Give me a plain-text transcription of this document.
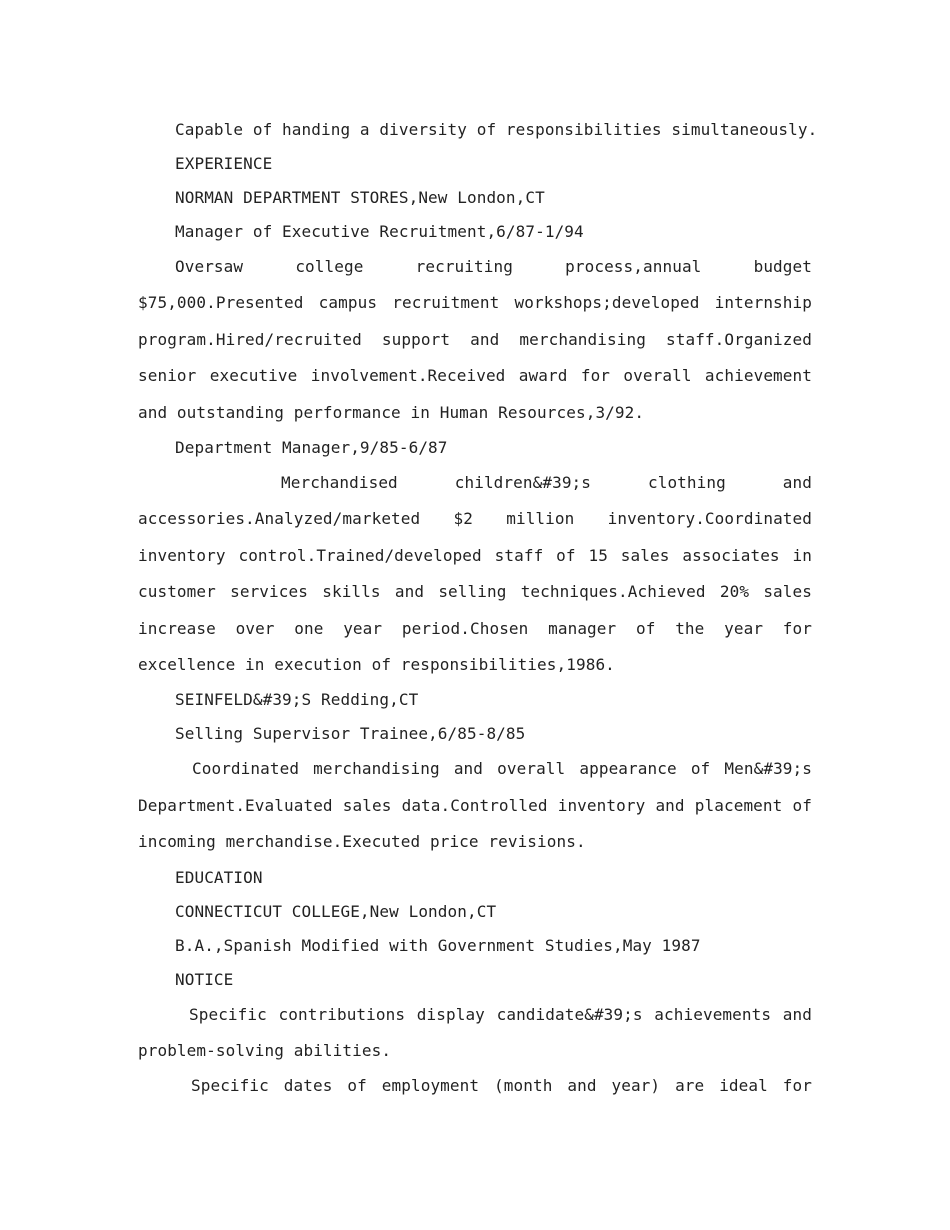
Capable of handing a diversity of responsibilities simultaneously.
EXPERIENCE
NORMAN DEPARTMENT STORES,New London,CT
Manager of Executive Recruitment,6/87-1/94
Oversaw college recruiting process,annual budget $75,000.Presented campus recruitment workshops;developed internship program.Hired/recruited support and merchandising staff.Organized senior executive involvement.Received award for overall achievement and outstanding performance in Human Resources,3/92.
Department Manager,9/85-6/87
Merchandised children&#39;s clothing and accessories.Analyzed/marketed $2 million inventory.Coordinated inventory control.Trained/developed staff of 15 sales associates in customer services skills and selling techniques.Achieved 20% sales increase over one year period.Chosen manager of the year for excellence in execution of responsibilities,1986.
SEINFELD&#39;S Redding,CT
Selling Supervisor Trainee,6/85-8/85
Coordinated merchandising and overall appearance of Men&#39;s Department.Evaluated sales data.Controlled inventory and placement of incoming merchandise.Executed price revisions.
EDUCATION
CONNECTICUT COLLEGE,New London,CT
B.A.,Spanish Modified with Government Studies,May 1987
NOTICE
Specific contributions display candidate&#39;s achievements and problem-solving abilities.
Specific dates of employment (month and year) are ideal for
